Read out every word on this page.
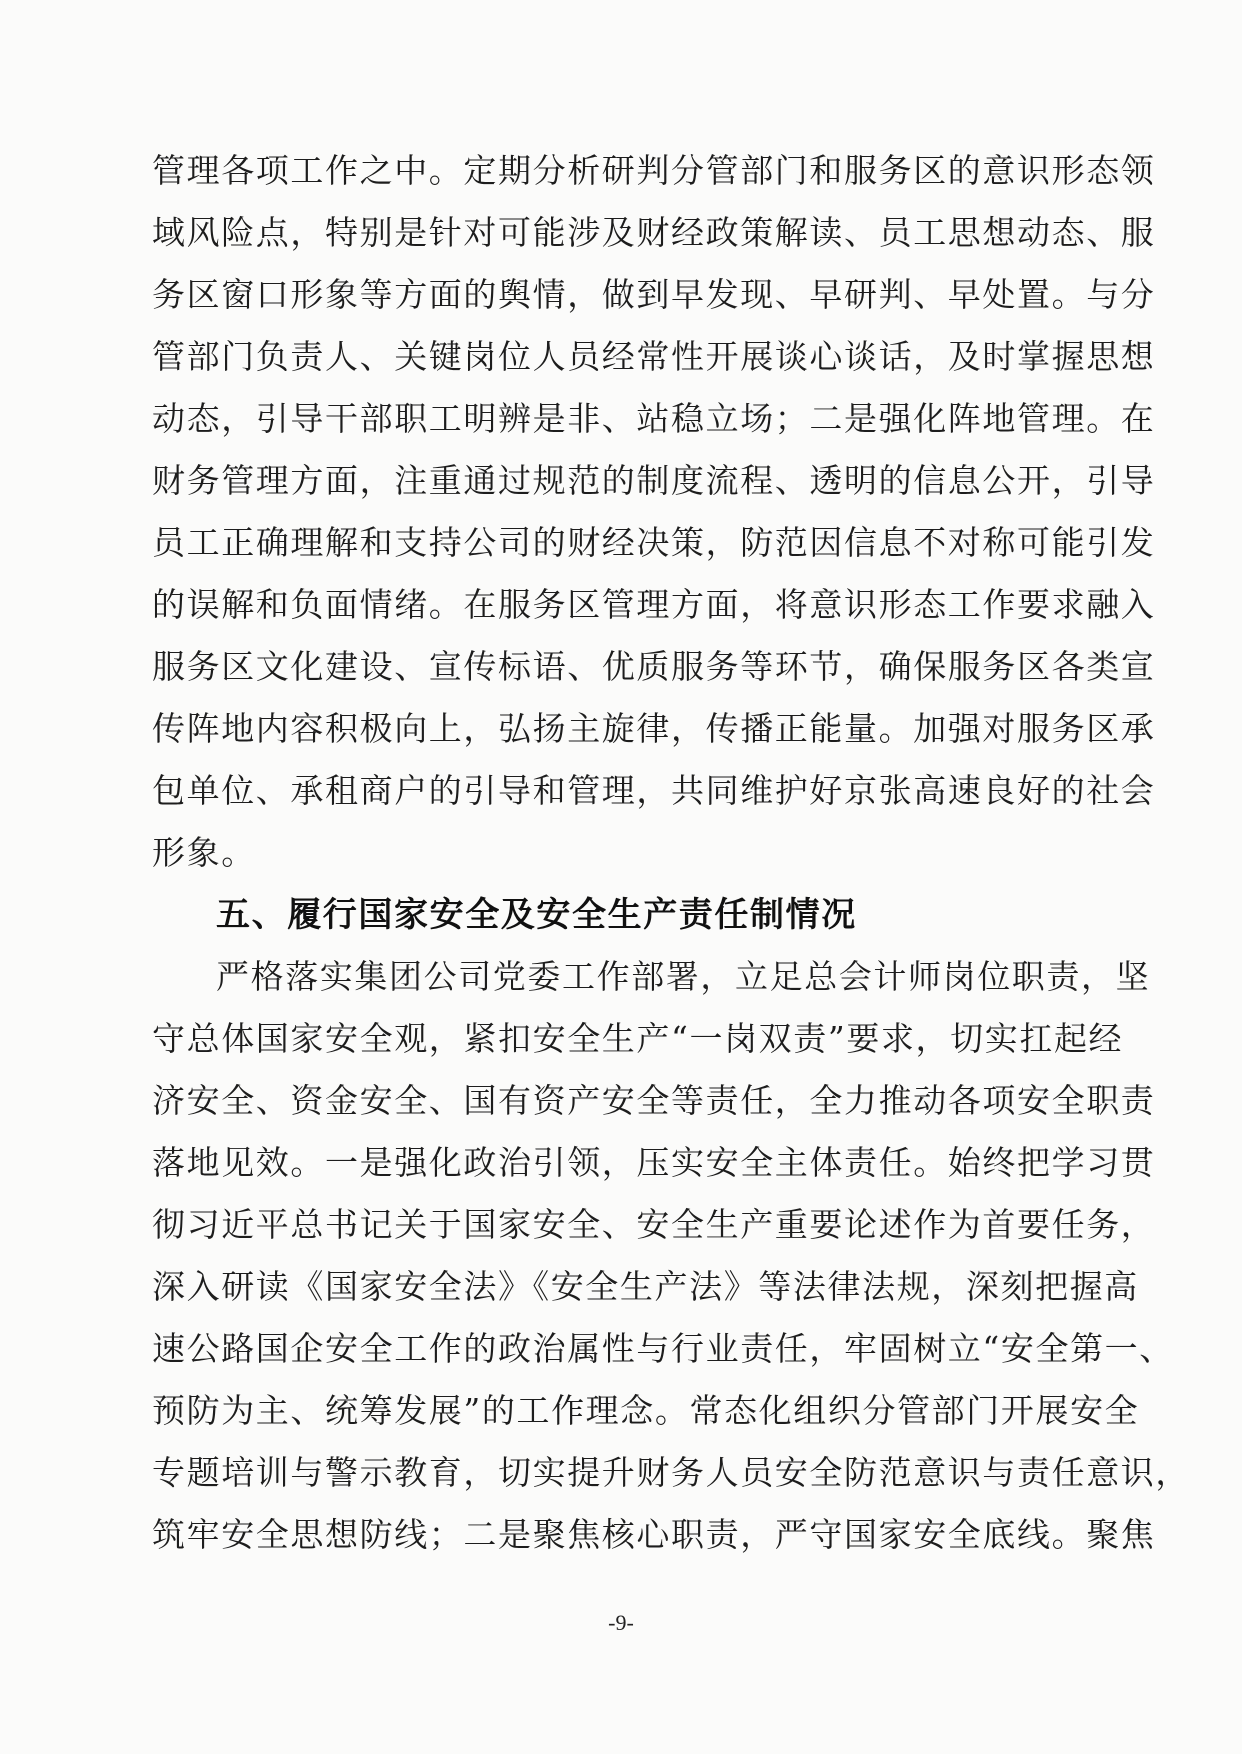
管理各项工作之中。定期分析研判分管部门和服务区的意识形态领
域风险点，特别是针对可能涉及财经政策解读、员工思想动态、服
务区窗口形象等方面的舆情，做到早发现、早研判、早处置。与分
管部门负责人、关键岗位人员经常性开展谈心谈话，及时掌握思想
动态，引导干部职工明辨是非、站稳立场；二是强化阵地管理。在
财务管理方面，注重通过规范的制度流程、透明的信息公开，引导
员工正确理解和支持公司的财经决策，防范因信息不对称可能引发
的误解和负面情绪。在服务区管理方面，将意识形态工作要求融入
服务区文化建设、宣传标语、优质服务等环节，确保服务区各类宣
传阵地内容积极向上，弘扬主旋律，传播正能量。加强对服务区承
包单位、承租商户的引导和管理，共同维护好京张高速良好的社会
形象。
五、履行国家安全及安全生产责任制情况
严格落实集团公司党委工作部署，立足总会计师岗位职责，坚
守总体国家安全观，紧扣安全生产“一岗双责”要求，切实扛起经
济安全、资金安全、国有资产安全等责任，全力推动各项安全职责
落地见效。一是强化政治引领，压实安全主体责任。始终把学习贯
彻习近平总书记关于国家安全、安全生产重要论述作为首要任务，
深入研读《国家安全法》《安全生产法》等法律法规，深刻把握高
速公路国企安全工作的政治属性与行业责任，牢固树立“安全第一、
预防为主、统筹发展”的工作理念。常态化组织分管部门开展安全
专题培训与警示教育，切实提升财务人员安全防范意识与责任意识，
筑牢安全思想防线；二是聚焦核心职责，严守国家安全底线。聚焦
-9-
